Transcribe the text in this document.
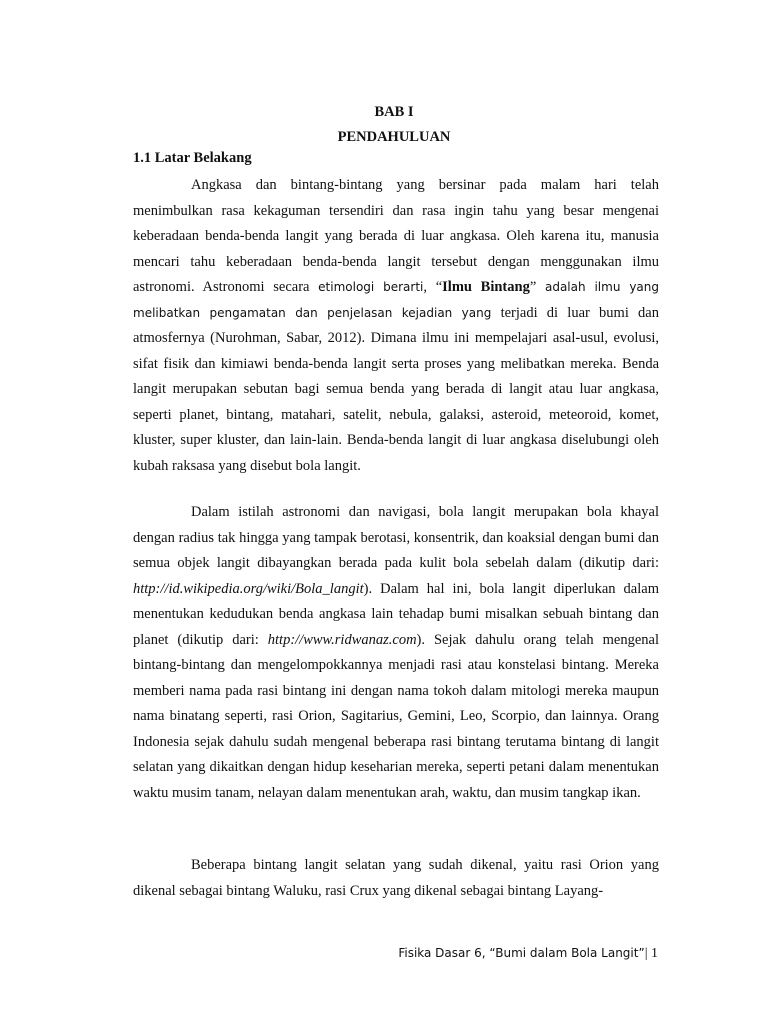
BAB I
PENDAHULUAN
1.1 Latar Belakang

Angkasa dan bintang-bintang yang bersinar pada malam hari telah menimbulkan rasa kekaguman tersendiri dan rasa ingin tahu yang besar mengenai keberadaan benda-benda langit yang berada di luar angkasa. Oleh karena itu, manusia mencari tahu keberadaan benda-benda langit tersebut dengan menggunakan ilmu astronomi. Astronomi secara etimologi berarti, “Ilmu Bintang” adalah ilmu yang melibatkan pengamatan dan penjelasan kejadian yang terjadi di luar bumi dan atmosfernya (Nurohman, Sabar, 2012). Dimana ilmu ini mempelajari asal-usul, evolusi, sifat fisik dan kimiawi benda-benda langit serta proses yang melibatkan mereka. Benda langit merupakan sebutan bagi semua benda yang berada di langit atau luar angkasa, seperti planet, bintang, matahari, satelit, nebula, galaksi, asteroid, meteoroid, komet, kluster, super kluster, dan lain-lain. Benda-benda langit di luar angkasa diselubungi oleh kubah raksasa yang disebut bola langit.

Dalam istilah astronomi dan navigasi, bola langit merupakan bola khayal dengan radius tak hingga yang tampak berotasi, konsentrik, dan koaksial dengan bumi dan semua objek langit dibayangkan berada pada kulit bola sebelah dalam (dikutip dari: http://id.wikipedia.org/wiki/Bola_langit). Dalam hal ini, bola langit diperlukan dalam menentukan kedudukan benda angkasa lain tehadap bumi misalkan sebuah bintang dan planet (dikutip dari: http://www.ridwanaz.com). Sejak dahulu orang telah mengenal bintang-bintang dan mengelompokkannya menjadi rasi atau konstelasi bintang. Mereka memberi nama pada rasi bintang ini dengan nama tokoh dalam mitologi mereka maupun nama binatang seperti, rasi Orion, Sagitarius, Gemini, Leo, Scorpio, dan lainnya. Orang Indonesia sejak dahulu sudah mengenal beberapa rasi bintang terutama bintang di langit selatan yang dikaitkan dengan hidup keseharian mereka, seperti petani dalam menentukan waktu musim tanam, nelayan dalam menentukan arah, waktu, dan musim tangkap ikan.

Beberapa bintang langit selatan yang sudah dikenal, yaitu rasi Orion yang dikenal sebagai bintang Waluku, rasi Crux yang dikenal sebagai bintang Layang-

Fisika Dasar 6, “Bumi dalam Bola Langit”| 1
